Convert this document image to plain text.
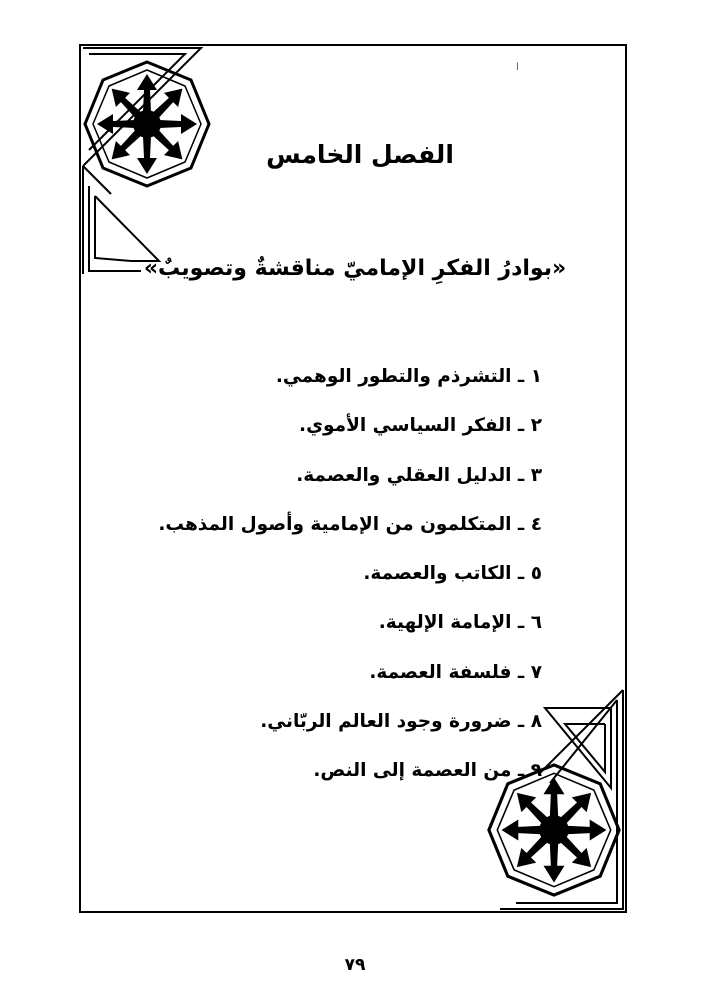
ا
الفصل الخامس
«بوادرُ الفكرِ الإماميّ مناقشةٌ وتصويبٌ»
١ ـ التشرذم والتطور الوهمي.
٢ ـ الفكر السياسي الأموي.
٣ ـ الدليل العقلي والعصمة.
٤ ـ المتكلمون من الإمامية وأصول المذهب.
٥ ـ الكاتب والعصمة.
٦ ـ الإمامة الإلهية.
٧ ـ فلسفة العصمة.
٨ ـ ضرورة وجود العالم الربّاني.
٩ ـ من العصمة إلى النص.
٧٩
